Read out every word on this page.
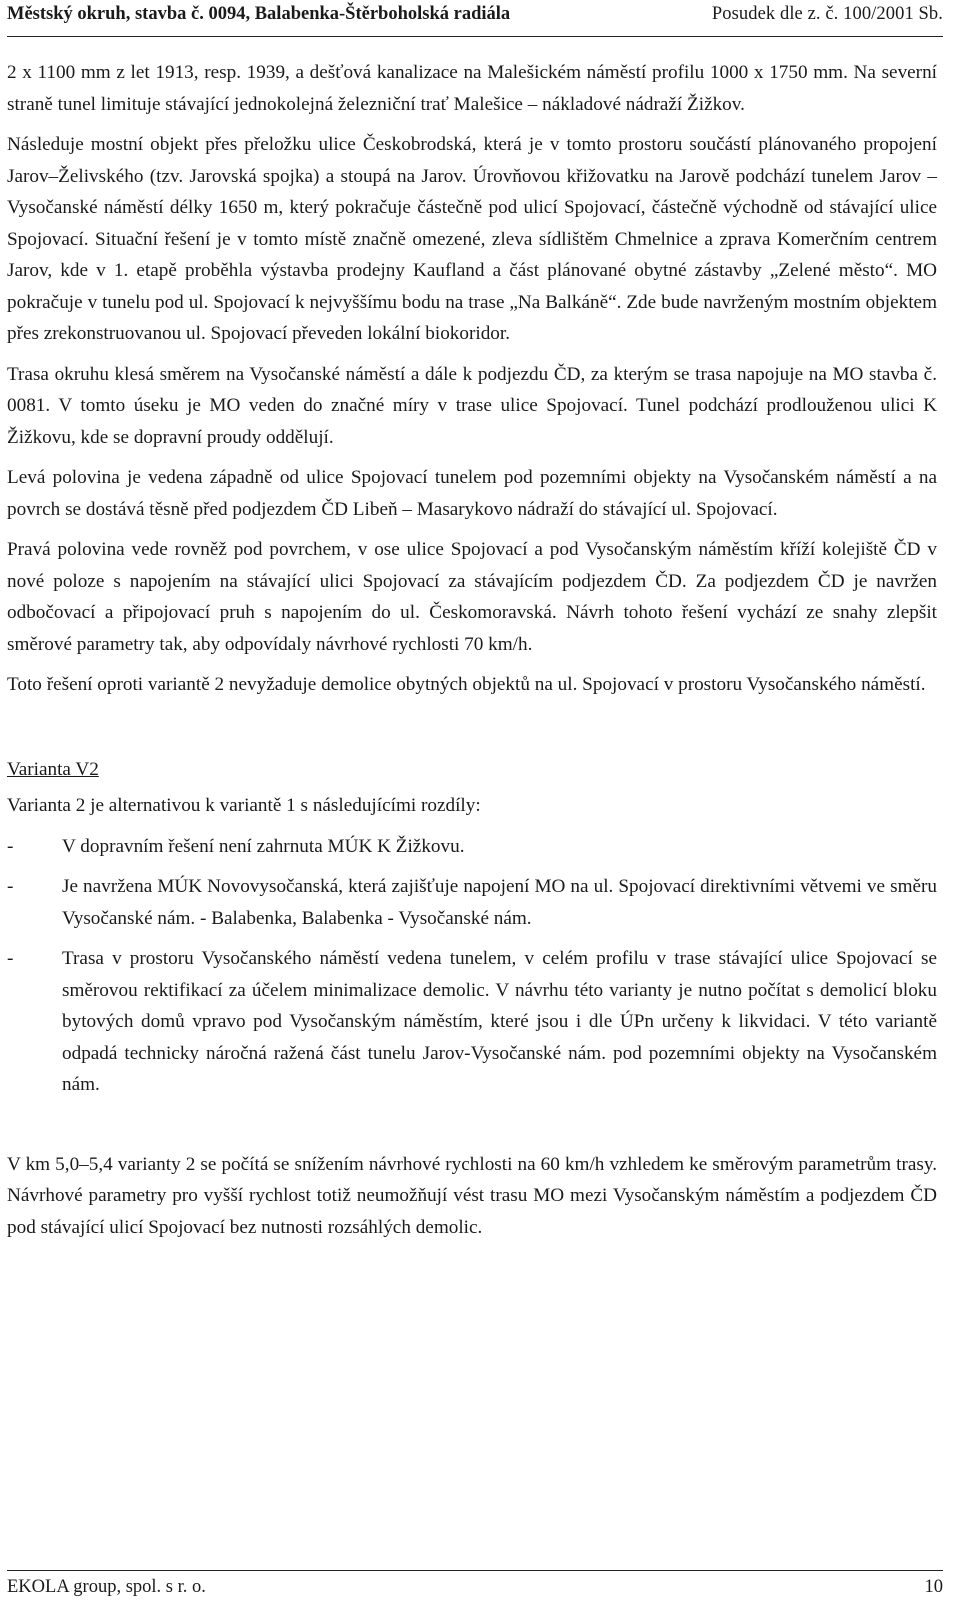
Městský okruh, stavba č. 0094, Balabenka-Štěrboholská radiála	Posudek dle z. č. 100/2001 Sb.

2 x 1100 mm z let 1913, resp. 1939, a dešťová kanalizace na Malešickém náměstí profilu 1000 x 1750 mm. Na severní straně tunel limituje stávající jednokolejná železniční trať Malešice – nákladové nádraží Žižkov.

Následuje mostní objekt přes přeložku ulice Českobrodská, která je v tomto prostoru součástí plánovaného propojení Jarov–Želivského (tzv. Jarovská spojka) a stoupá na Jarov. Úrovňovou křižovatku na Jarově podchází tunelem Jarov – Vysočanské náměstí délky 1650 m, který pokračuje částečně pod ulicí Spojovací, částečně východně od stávající ulice Spojovací. Situační řešení je v tomto místě značně omezené, zleva sídlištěm Chmelnice a zprava Komerčním centrem Jarov, kde v 1. etapě proběhla výstavba prodejny Kaufland a část plánované obytné zástavby „Zelené město“. MO pokračuje v tunelu pod ul. Spojovací k nejvyššímu bodu na trase „Na Balkáně“. Zde bude navrženým mostním objektem přes zrekonstruovanou ul. Spojovací převeden lokální biokoridor.

Trasa okruhu klesá směrem na Vysočanské náměstí a dále k podjezdu ČD, za kterým se trasa napojuje na MO stavba č. 0081. V tomto úseku je MO veden do značné míry v trase ulice Spojovací. Tunel podchází prodlouženou ulici K Žižkovu, kde se dopravní proudy oddělují.

Levá polovina je vedena západně od ulice Spojovací tunelem pod pozemními objekty na Vysočanském náměstí a na povrch se dostává těsně před podjezdem ČD Libeň – Masarykovo nádraží do stávající ul. Spojovací.

Pravá polovina vede rovněž pod povrchem, v ose ulice Spojovací a pod Vysočanským náměstím kříží kolejiště ČD v nové poloze s napojením na stávající ulici Spojovací za stávajícím podjezdem ČD. Za podjezdem ČD je navržen odbočovací a připojovací pruh s napojením do ul. Českomoravská. Návrh tohoto řešení vychází ze snahy zlepšit směrové parametry tak, aby odpovídaly návrhové rychlosti 70 km/h.

Toto řešení oproti variantě 2 nevyžaduje demolice obytných objektů na ul. Spojovací v prostoru Vysočanského náměstí.

Varianta V2

Varianta 2 je alternativou k variantě 1 s následujícími rozdíly:

-	V dopravním řešení není zahrnuta MÚK K Žižkovu.
-	Je navržena MÚK Novovysočanská, která zajišťuje napojení MO na ul. Spojovací direktivními větvemi ve směru Vysočanské nám. - Balabenka, Balabenka - Vysočanské nám.
-	Trasa v prostoru Vysočanského náměstí vedena tunelem, v celém profilu v trase stávající ulice Spojovací se směrovou rektifikací za účelem minimalizace demolic. V návrhu této varianty je nutno počítat s demolicí bloku bytových domů vpravo pod Vysočanským náměstím, které jsou i dle ÚPn určeny k likvidaci. V této variantě odpadá technicky náročná ražená část tunelu Jarov-Vysočanské nám. pod pozemními objekty na Vysočanském nám.

V km 5,0–5,4 varianty 2 se počítá se snížením návrhové rychlosti na 60 km/h vzhledem ke směrovým parametrům trasy. Návrhové parametry pro vyšší rychlost totiž neumožňují vést trasu MO mezi Vysočanským náměstím a podjezdem ČD pod stávající ulicí Spojovací bez nutnosti rozsáhlých demolic.

EKOLA group, spol. s r. o.	10
